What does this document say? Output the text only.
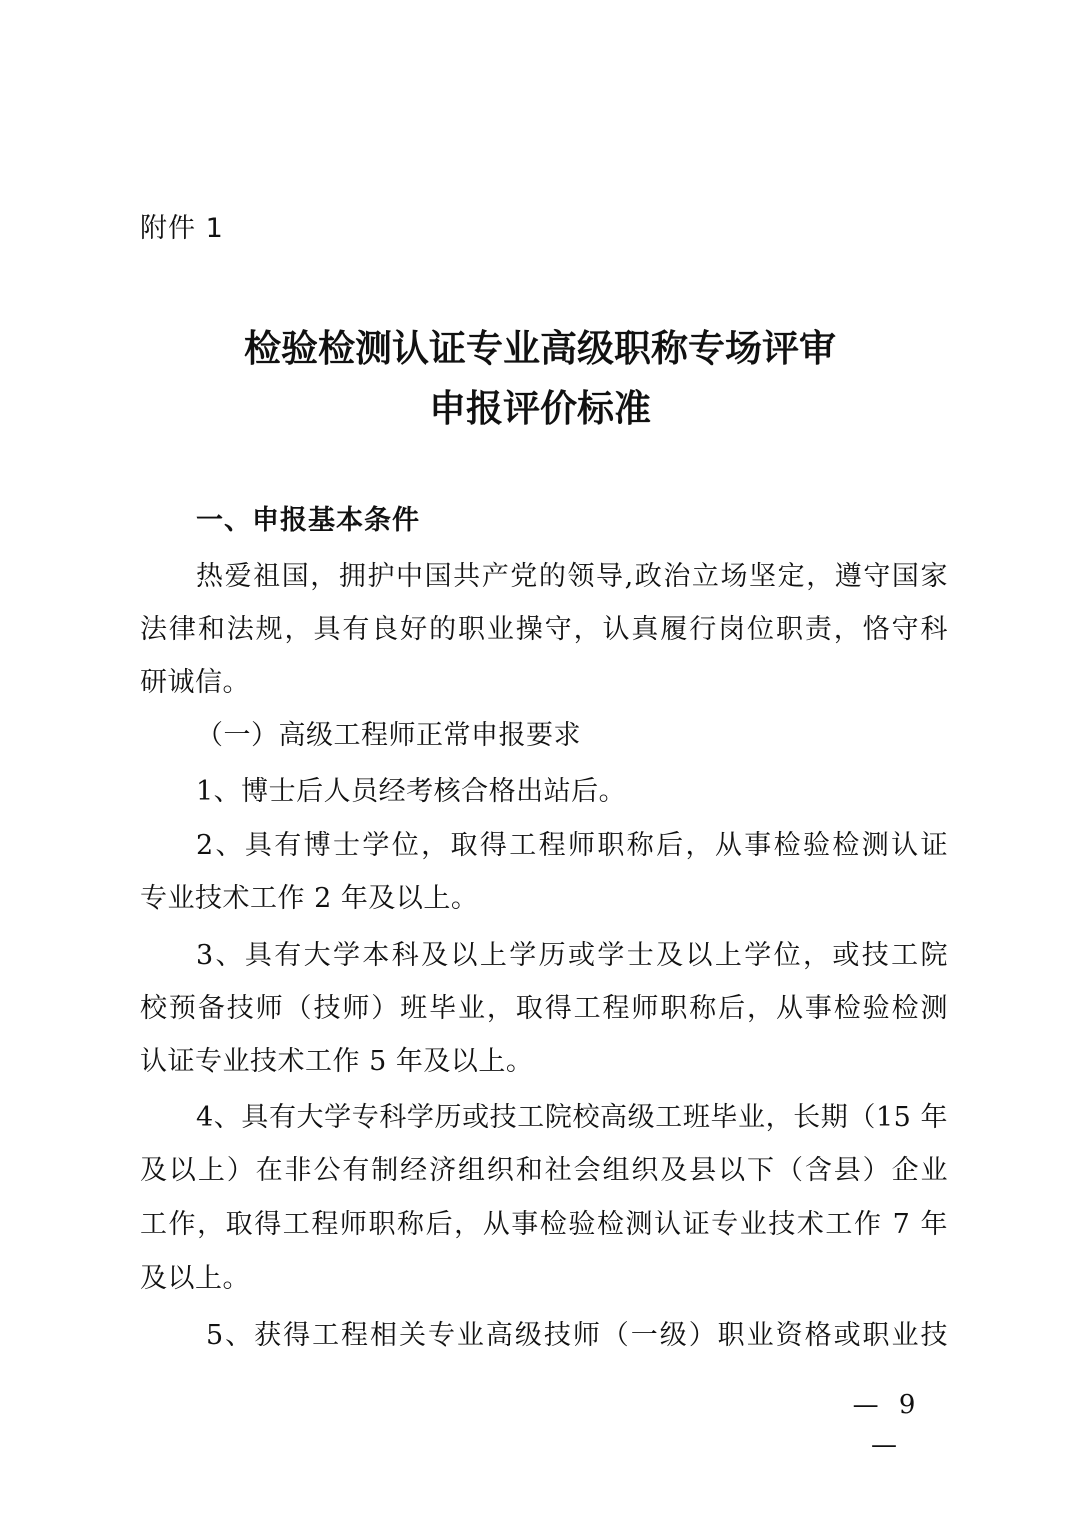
附件 1
检验检测认证专业高级职称专场评审
申报评价标准
一、申报基本条件
热爱祖国，拥护中国共产党的领导,政治立场坚定，遵守国家
法律和法规，具有良好的职业操守，认真履行岗位职责，恪守科
研诚信。
（一）高级工程师正常申报要求
1、博士后人员经考核合格出站后。
2、具有博士学位，取得工程师职称后，从事检验检测认证
专业技术工作 2 年及以上。
3、具有大学本科及以上学历或学士及以上学位，或技工院
校预备技师（技师）班毕业，取得工程师职称后，从事检验检测
认证专业技术工作 5 年及以上。
4、具有大学专科学历或技工院校高级工班毕业，长期（15 年
及以上）在非公有制经济组织和社会组织及县以下（含县）企业
工作，取得工程师职称后，从事检验检测认证专业技术工作 7 年
及以上。
5、获得工程相关专业高级技师（一级）职业资格或职业技
— 9 —
